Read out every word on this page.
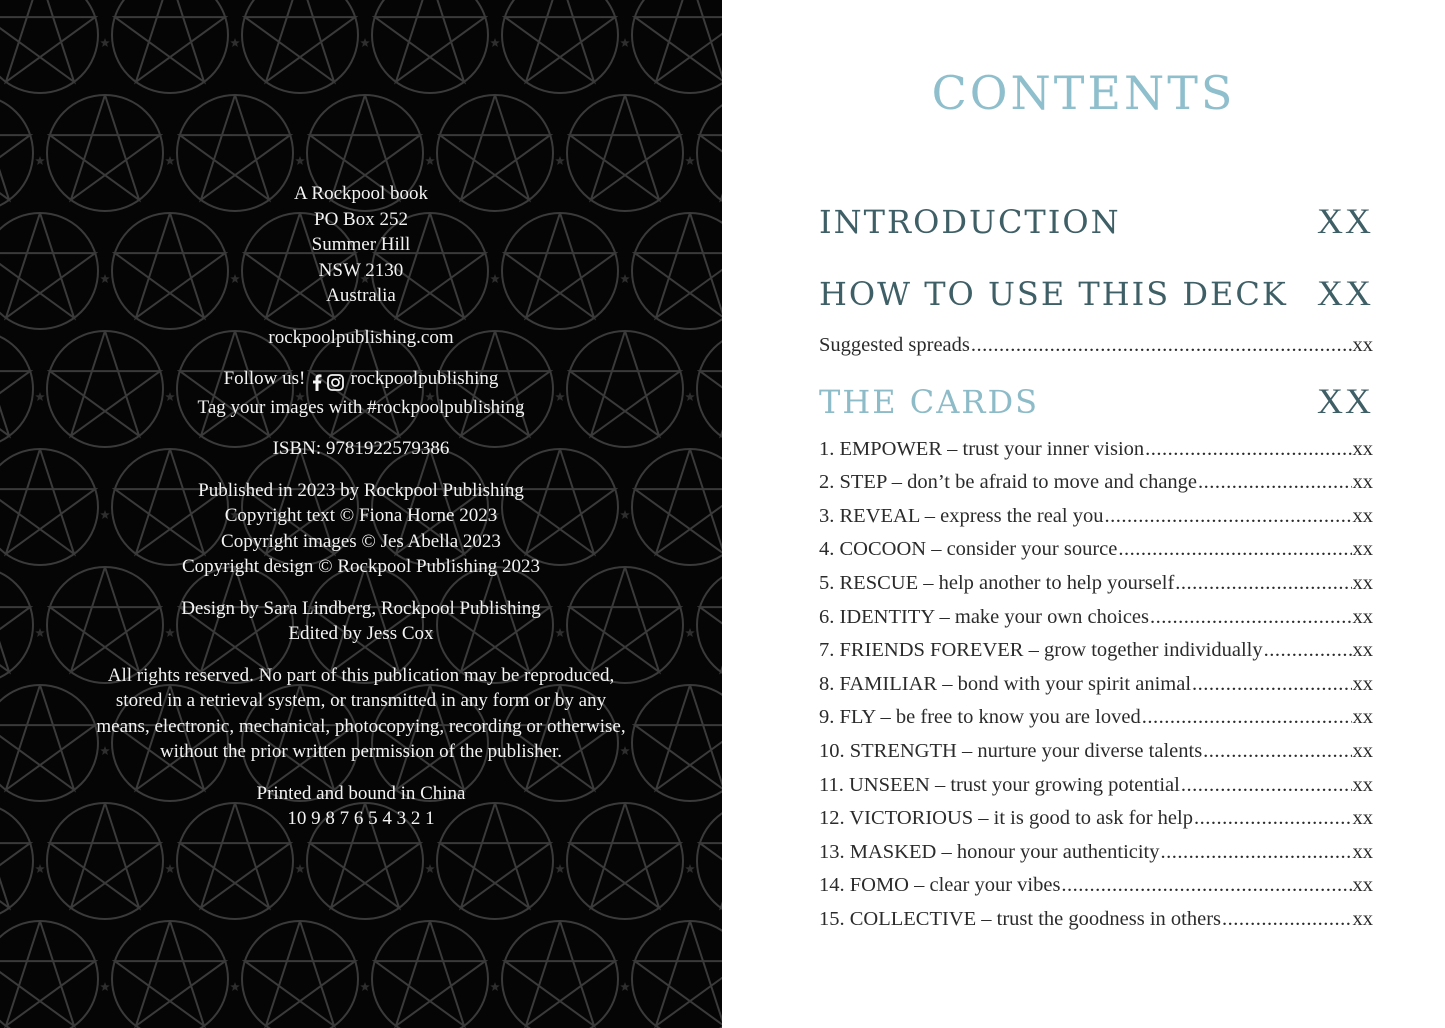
A Rockpool book
PO Box 252
Summer Hill
NSW 2130
Australia
rockpoolpublishing.com
Follow us! rockpoolpublishing
Tag your images with #rockpoolpublishing
ISBN: 9781922579386
Published in 2023 by Rockpool Publishing
Copyright text © Fiona Horne 2023
Copyright images © Jes Abella 2023
Copyright design © Rockpool Publishing 2023
Design by Sara Lindberg, Rockpool Publishing
Edited by Jess Cox
All rights reserved. No part of this publication may be reproduced,
stored in a retrieval system, or transmitted in any form or by any
means, electronic, mechanical, photocopying, recording or otherwise,
without the prior written permission of the publisher.
Printed and bound in China
10 9 8 7 6 5 4 3 2 1
CONTENTS
INTRODUCTION	XX
HOW TO USE THIS DECK XX
Suggested spreads .....	xx
THE CARDS	XX
1. EMPOWER – trust your inner vision .....	xx
2. STEP – don’t be afraid to move and change .....	xx
3. REVEAL – express the real you .....	xx
4. COCOON – consider your source .....	xx
5. RESCUE – help another to help yourself .....	xx
6. IDENTITY – make your own choices .....	xx
7. FRIENDS FOREVER – grow together individually .....	xx
8. FAMILIAR – bond with your spirit animal .....	xx
9. FLY – be free to know you are loved .....	xx
10. STRENGTH – nurture your diverse talents .....	xx
11. UNSEEN – trust your growing potential .....	xx
12. VICTORIOUS – it is good to ask for help .....	xx
13. MASKED – honour your authenticity .....	xx
14. FOMO – clear your vibes .....	xx
15. COLLECTIVE – trust the goodness in others .....	xx
